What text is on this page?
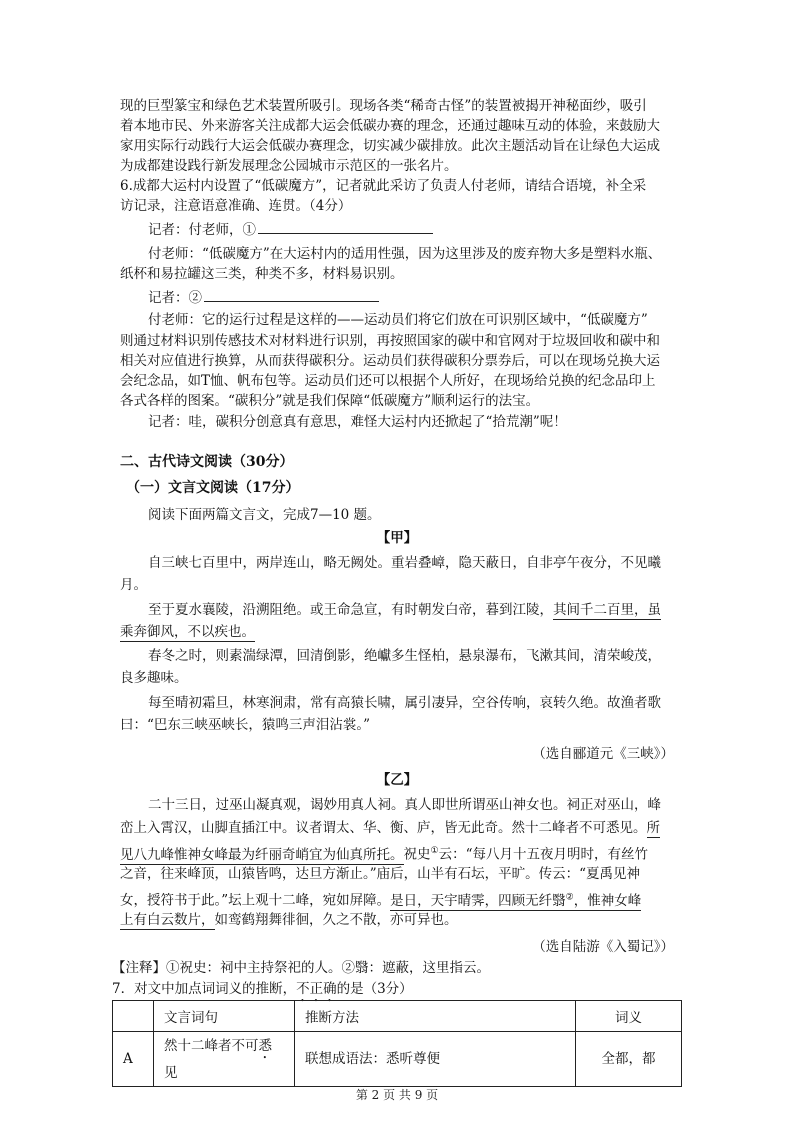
现的巨型篆宝和绿色艺术装置所吸引。现场各类“稀奇古怪”的装置被揭开神秘面纱，吸引
着本地市民、外来游客关注成都大运会低碳办赛的理念，还通过趣味互动的体验，来鼓励大
家用实际行动践行大运会低碳办赛理念，切实减少碳排放。此次主题活动旨在让绿色大运成
为成都建设践行新发展理念公园城市示范区的一张名片。
6.成都大运村内设置了“低碳魔方”，记者就此采访了负责人付老师，请结合语境，补全采
访记录，注意语意准确、连贯。（4分）
记者：付老师，①
付老师：“低碳魔方”在大运村内的适用性强，因为这里涉及的废弃物大多是塑料水瓶、
纸杯和易拉罐这三类，种类不多，材料易识别。
记者：②
付老师：它的运行过程是这样的——运动员们将它们放在可识别区域中，“低碳魔方”
则通过材料识别传感技术对材料进行识别，再按照国家的碳中和官网对于垃圾回收和碳中和
相关对应值进行换算，从而获得碳积分。运动员们获得碳积分票券后，可以在现场兑换大运
会纪念品，如T恤、帆布包等。运动员们还可以根据个人所好，在现场给兑换的纪念品印上
各式各样的图案。“碳积分”就是我们保障“低碳魔方”顺利运行的法宝。
记者：哇，碳积分创意真有意思，难怪大运村内还掀起了“拾荒潮”呢！
二、古代诗文阅读（30分）
（一）文言文阅读（17分）
阅读下面两篇文言文，完成7—10 题。
【甲】
自三峡七百里中，两岸连山，略无阙处。重岩叠嶂，隐天蔽日，自非亭午夜分，不见曦
月。
至于夏水襄陵，沿溯阻绝。或王命急宣，有时朝发白帝，暮到江陵，其间千二百里，虽
乘奔御风，不以疾也。
春冬之时，则素湍绿潭，回清倒影，绝巘多生怪柏，悬泉瀑布，飞漱其间，清荣峻茂，
良多趣味。
每至晴初霜旦，林寒涧肃，常有高猿长啸，属引凄异，空谷传响，哀转久绝。故渔者歌
曰：“巴东三峡巫峡长，猿鸣三声泪沾裳。”
（选自郦道元《三峡》）
【乙】
二十三日，过巫山凝真观，谒妙用真人祠。真人即世所谓巫山神女也。祠正对巫山，峰
峦上入霄汉，山脚直插江中。议者谓太、华、衡、庐，皆无此奇。然十二峰者不可悉见。所
见八九峰惟神女峰最为纤丽奇峭宜为仙真所托。祝史①云：“每八月十五夜月明时，有丝竹
之音，往来峰顶，山猿皆鸣，达旦方渐止。”庙后，山半有石坛，平旷。传云：“夏禹见神
女，授符书于此。”坛上观十二峰，宛如屏障。是日，天宇晴霁，四顾无纤翳②，惟神女峰
上有白云数片，如鸾鹤翔舞徘徊，久之不散，亦可异也。
（选自陆游《入蜀记》）
【注释】①祝史：祠中主持祭祀的人。②翳：遮蔽，这里指云。
7．对文中加点词词义的推断，不正确的是（3分）
	文言词句	推断方法	词义
A	然十二峰者不可悉见	联想成语法：悉听尊便	全都，都
第 2 页 共 9 页
